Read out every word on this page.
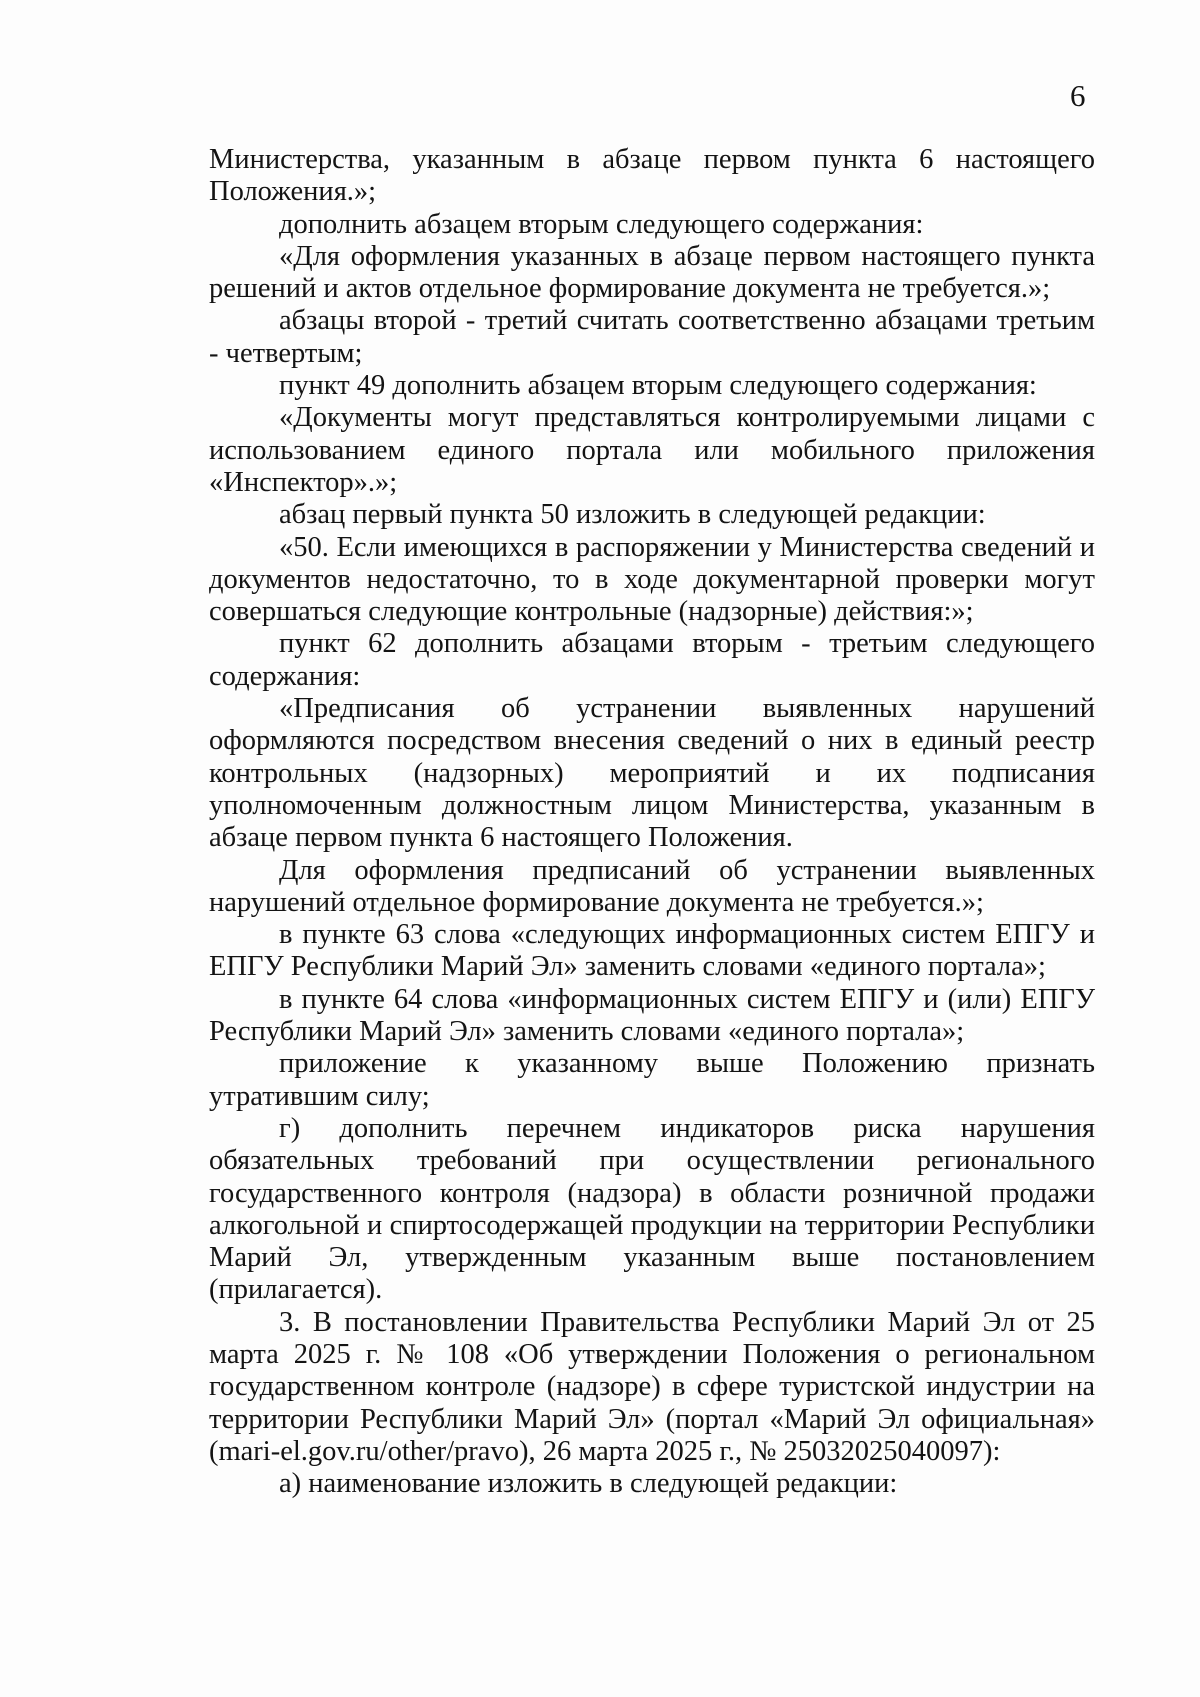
6

Министерства, указанным в абзаце первом пункта 6 настоящего Положения.»;

дополнить абзацем вторым следующего содержания:

«Для оформления указанных в абзаце первом настоящего пункта решений и актов отдельное формирование документа не требуется.»;

абзацы второй - третий считать соответственно абзацами третьим - четвертым;

пункт 49 дополнить абзацем вторым следующего содержания:

«Документы могут представляться контролируемыми лицами с использованием единого портала или мобильного приложения «Инспектор».»;

абзац первый пункта 50 изложить в следующей редакции:

«50. Если имеющихся в распоряжении у Министерства сведений и документов недостаточно, то в ходе документарной проверки могут совершаться следующие контрольные (надзорные) действия:»;

пункт 62 дополнить абзацами вторым - третьим следующего содержания:

«Предписания об устранении выявленных нарушений оформляются посредством внесения сведений о них в единый реестр контрольных (надзорных) мероприятий и их подписания уполномоченным должностным лицом Министерства, указанным в абзаце первом пункта 6 настоящего Положения.

Для оформления предписаний об устранении выявленных нарушений отдельное формирование документа не требуется.»;

в пункте 63 слова «следующих информационных систем ЕПГУ и ЕПГУ Республики Марий Эл» заменить словами «единого портала»;

в пункте 64 слова «информационных систем ЕПГУ и (или) ЕПГУ Республики Марий Эл» заменить словами «единого портала»;

приложение к указанному выше Положению признать утратившим силу;

г) дополнить перечнем индикаторов риска нарушения обязательных требований при осуществлении регионального государственного контроля (надзора) в области розничной продажи алкогольной и спиртосодержащей продукции на территории Республики Марий Эл, утвержденным указанным выше постановлением (прилагается).

3. В постановлении Правительства Республики Марий Эл от 25 марта 2025 г. № 108 «Об утверждении Положения о региональном государственном контроле (надзоре) в сфере туристской индустрии на территории Республики Марий Эл» (портал «Марий Эл официальная» (mari-el.gov.ru/other/pravo), 26 марта 2025 г., № 25032025040097):

а) наименование изложить в следующей редакции:
